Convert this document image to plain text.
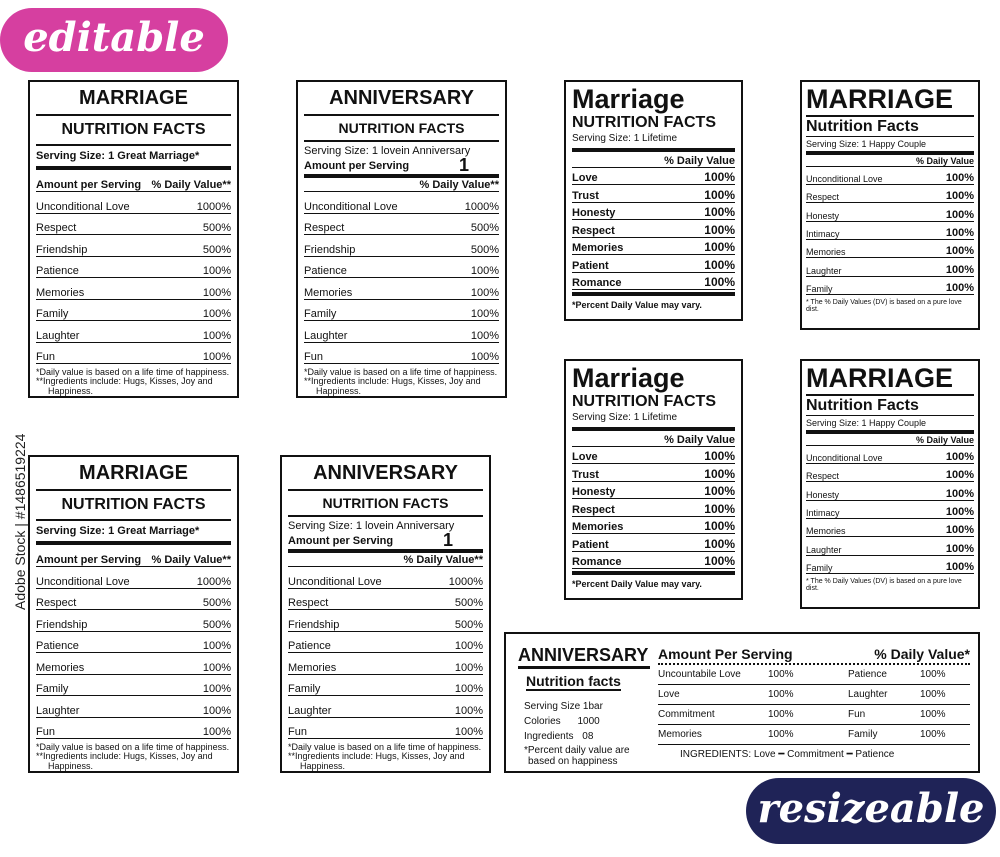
editable
resizeable
Adobe Stock | #1486519224
MARRIAGE
NUTRITION FACTS
Serving Size: 1 Great Marriage*
Amount per Serving % Daily Value**
Unconditional Love	1000%
Respect	500%
Friendship	500%
Patience	100%
Memories	100%
Family	100%
Laughter	100%
Fun	100%
*Daily value is based on a life time of happiness.
**Ingredients include: Hugs, Kisses, Joy and
Happiness.
MARRIAGE
NUTRITION FACTS
Serving Size: 1 Great Marriage*
Amount per Serving % Daily Value**
Unconditional Love	1000%
Respect	500%
Friendship	500%
Patience	100%
Memories	100%
Family	100%
Laughter	100%
Fun	100%
*Daily value is based on a life time of happiness.
**Ingredients include: Hugs, Kisses, Joy and
Happiness.
ANNIVERSARY
NUTRITION FACTS
Serving Size: 1 lovein Anniversary
Amount per Serving	1
% Daily Value**
Unconditional Love	1000%
Respect	500%
Friendship	500%
Patience	100%
Memories	100%
Family	100%
Laughter	100%
Fun	100%
*Daily value is based on a life time of happiness.
**Ingredients include: Hugs, Kisses, Joy and
Happiness.
ANNIVERSARY
NUTRITION FACTS
Serving Size: 1 lovein Anniversary
Amount per Serving	1
% Daily Value**
Unconditional Love	1000%
Respect	500%
Friendship	500%
Patience	100%
Memories	100%
Family	100%
Laughter	100%
Fun	100%
*Daily value is based on a life time of happiness.
**Ingredients include: Hugs, Kisses, Joy and
Happiness.
Marriage
NUTRITION FACTS
Serving Size: 1 Lifetime
% Daily Value
Love	100%
Trust	100%
Honesty	100%
Respect	100%
Memories	100%
Patient	100%
Romance	100%
*Percent Daily Value may vary.
Marriage
NUTRITION FACTS
Serving Size: 1 Lifetime
% Daily Value
Love	100%
Trust	100%
Honesty	100%
Respect	100%
Memories	100%
Patient	100%
Romance	100%
*Percent Daily Value may vary.
MARRIAGE
Nutrition Facts
Serving Size: 1 Happy Couple
% Daily Value
Unconditional Love	100%
Respect	100%
Honesty	100%
Intimacy	100%
Memories	100%
Laughter	100%
Family	100%
* The % Daily Values (DV) is based on a pure love dist.
MARRIAGE
Nutrition Facts
Serving Size: 1 Happy Couple
% Daily Value
Unconditional Love	100%
Respect	100%
Honesty	100%
Intimacy	100%
Memories	100%
Laughter	100%
Family	100%
* The % Daily Values (DV) is based on a pure love dist.
ANNIVERSARY
Nutrition facts
Serving Size 1bar
Colories 1000
Ingredients 08
*Percent daily value are
based on happiness
Amount Per Serving	% Daily Value*
Uncountabile Love	100%	Patience	100%
Love	100%	Laughter	100%
Commitment	100%	Fun	100%
Memories	100%	Family	100%
INGREDIENTS: Love ━ Commitment ━ Patience
